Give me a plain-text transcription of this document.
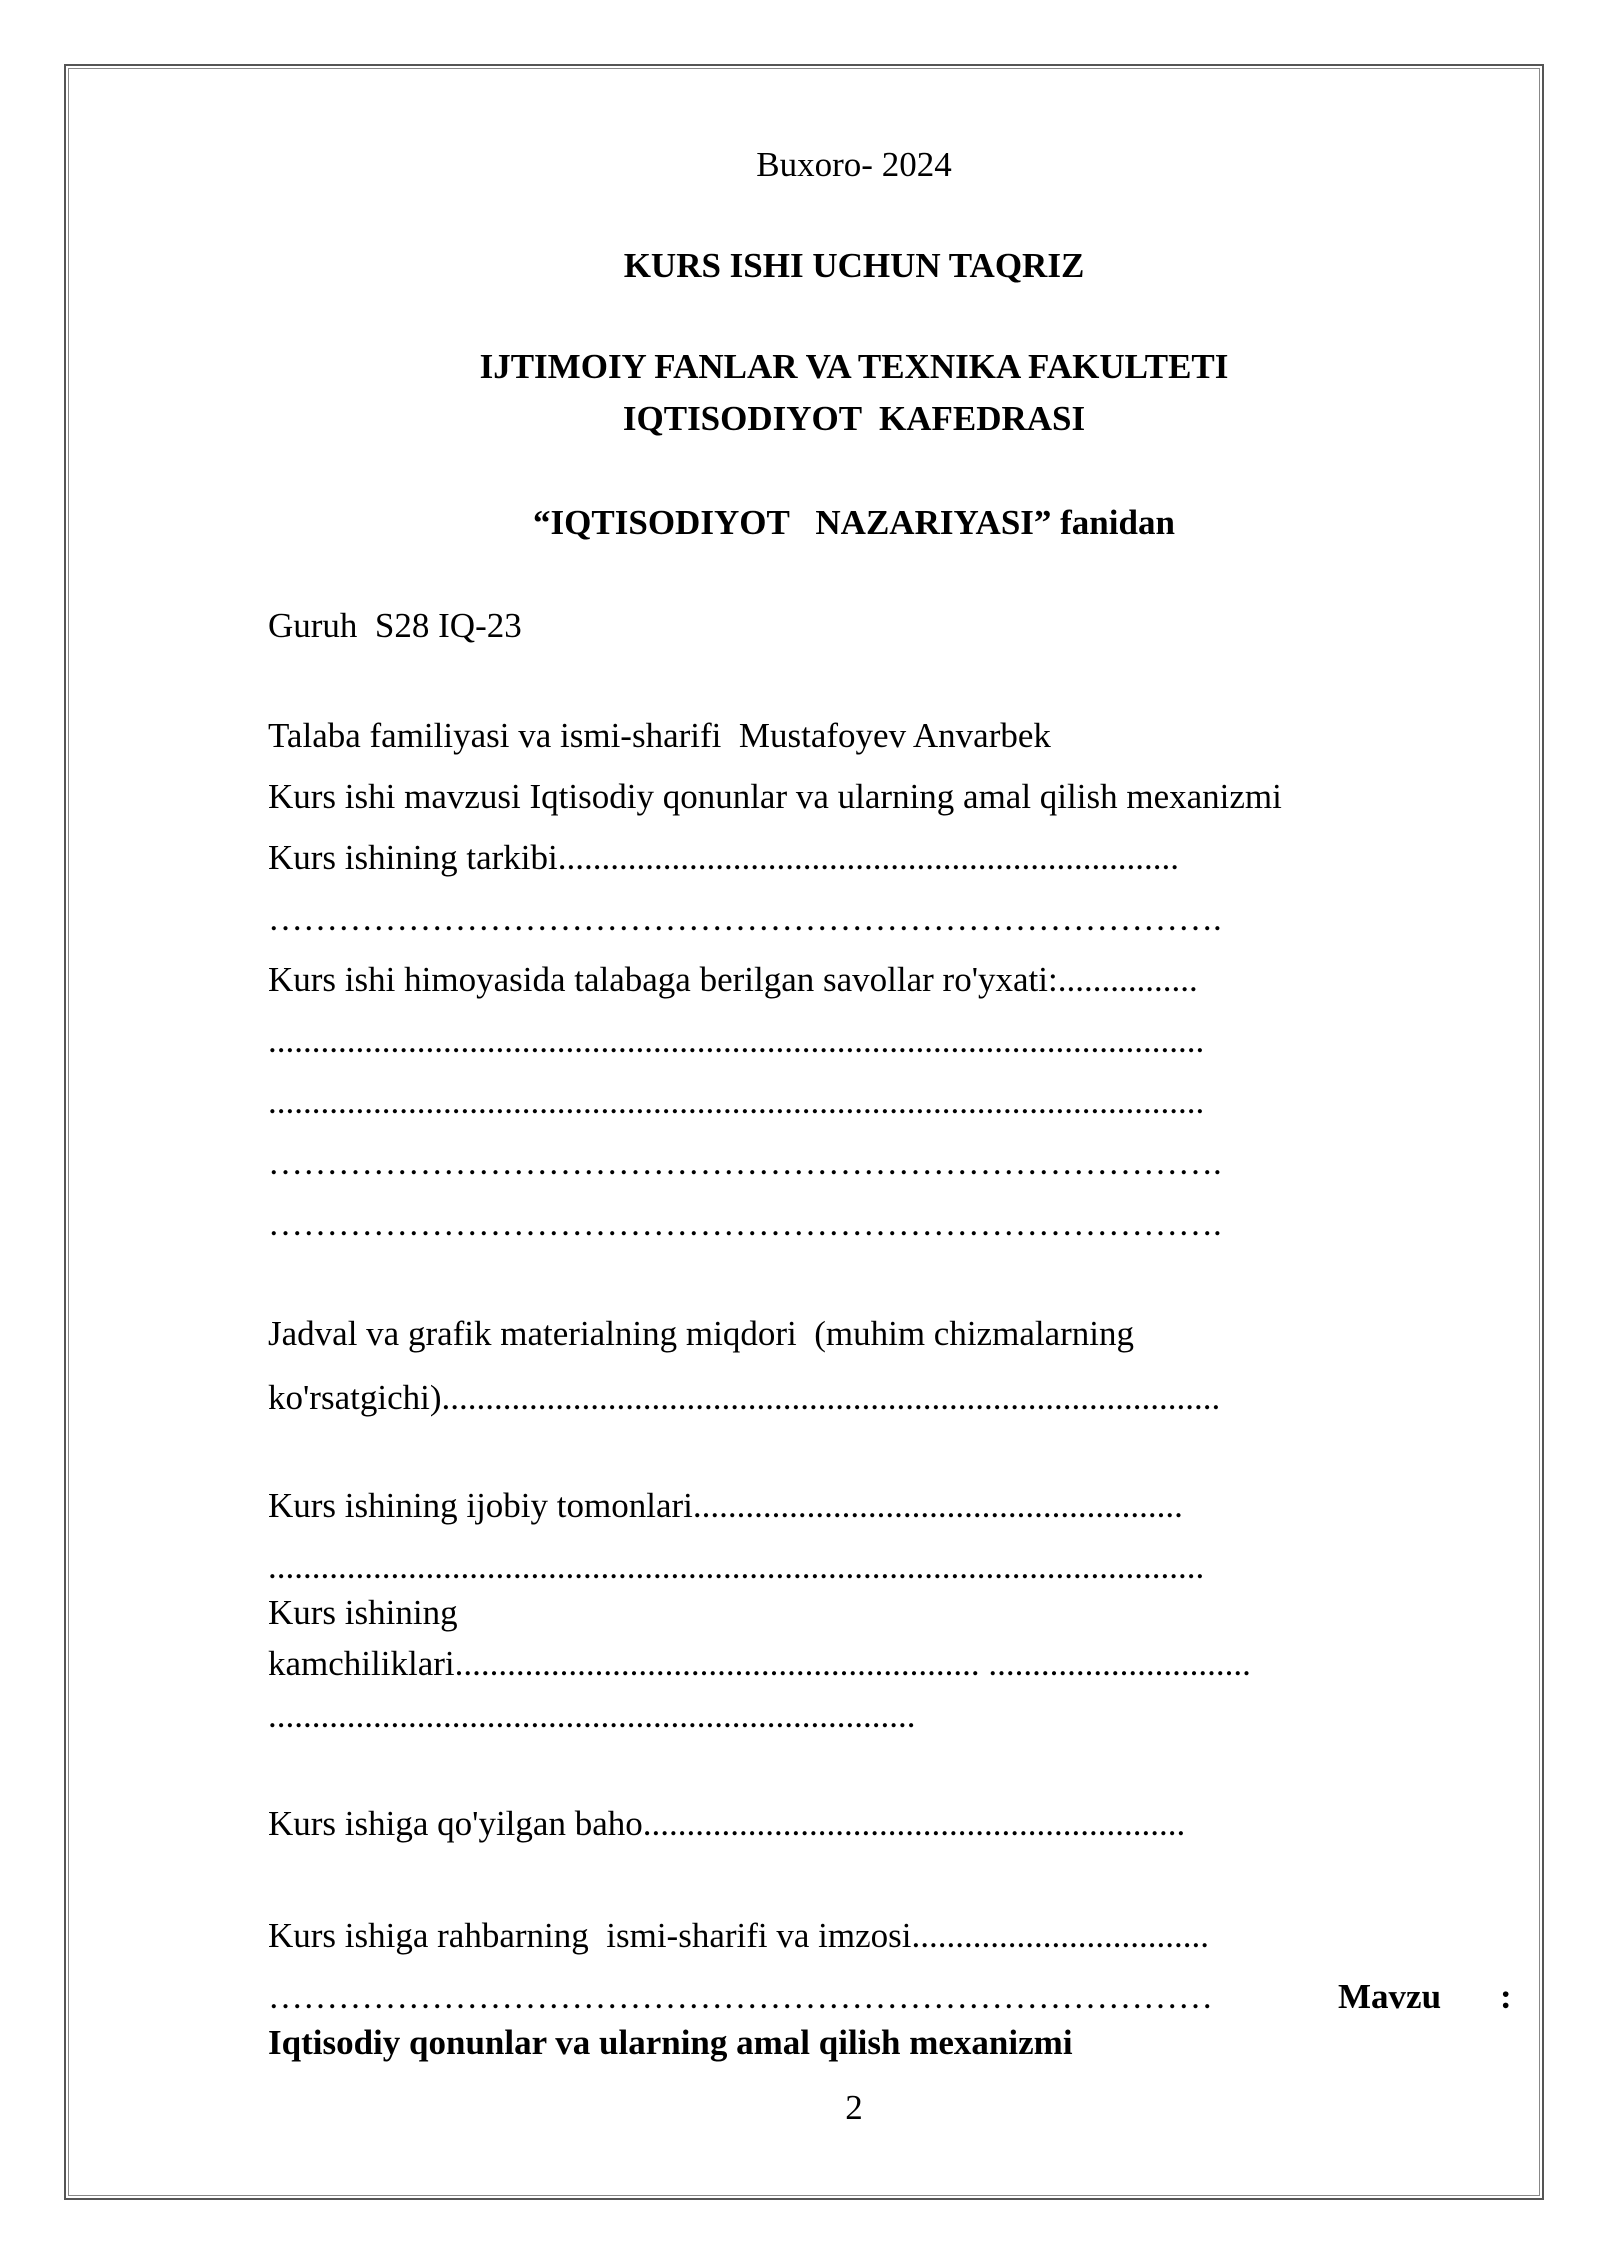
Buxoro- 2024
KURS ISHI UCHUN TAQRIZ
IJTIMOIY FANLAR VA TEXNIKA FAKULTETI
IQTISODIYOT  KAFEDRASI
“IQTISODIYOT   NAZARIYASI” fanidan
Guruh  S28 IQ-23
Talaba familiyasi va ismi-sharifi  Mustafoyev Anvarbek
Kurs ishi mavzusi Iqtisodiy qonunlar va ularning amal qilish mexanizmi
Kurs ishining tarkibi.......................................................................
……………………………………………………………………….
Kurs ishi himoyasida talabaga berilgan savollar ro'yxati:................
...........................................................................................................
...........................................................................................................
……………………………………………………………………….
……………………………………………………………………….
Jadval va grafik materialning miqdori  (muhim chizmalarning
ko'rsatgichi).........................................................................................
Kurs ishining ijobiy tomonlari........................................................
...........................................................................................................
Kurs ishining
kamchiliklari............................................................ ..............................
..........................................................................
Kurs ishiga qo'yilgan baho..............................................................
Kurs ishiga rahbarning  ismi-sharifi va imzosi..................................
………………………………………………………………………	Mavzu :
Iqtisodiy qonunlar va ularning amal qilish mexanizmi
2
